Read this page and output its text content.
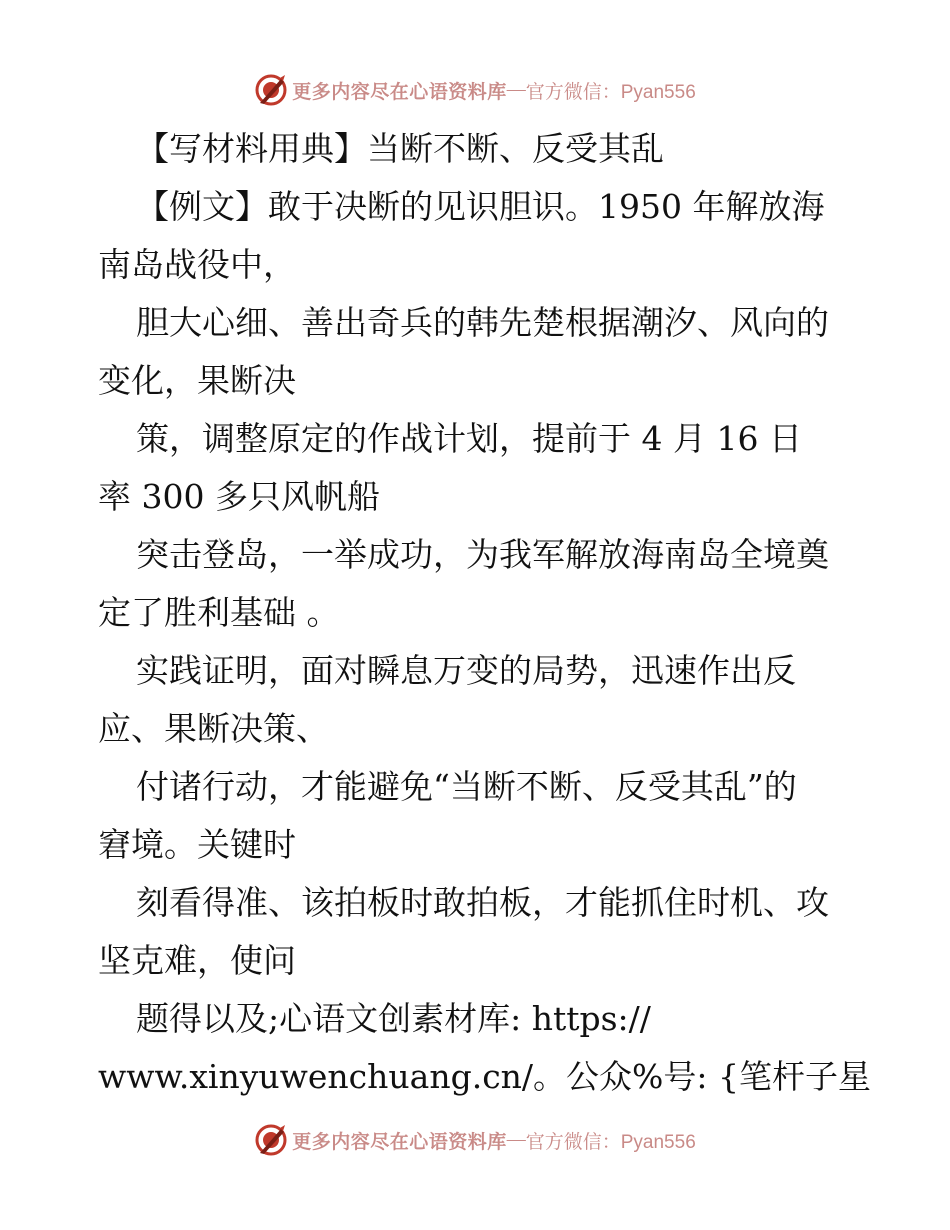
更多内容尽在心语资料库 — 官方微信：Pyan556
【写材料用典】当断不断、反受其乱
【例文】敢于决断的见识胆识。1950 年解放海
南岛战役中，
胆大心细、善出奇兵的韩先楚根据潮汐、风向的
变化，果断决
策，调整原定的作战计划，提前于 4 月 16 日
率 300 多只风帆船
突击登岛，一举成功，为我军解放海南岛全境奠
定了胜利基础 。
实践证明，面对瞬息万变的局势，迅速作出反
应、果断决策、
付诸行动，才能避免“当断不断、反受其乱”的
窘境。关键时
刻看得准、该拍板时敢拍板，才能抓住时机、攻
坚克难，使问
题得以及;心语文创素材库: https://
www.xinyuwenchuang.cn/。公众%号: {笔杆子星
更多内容尽在心语资料库 — 官方微信：Pyan556
